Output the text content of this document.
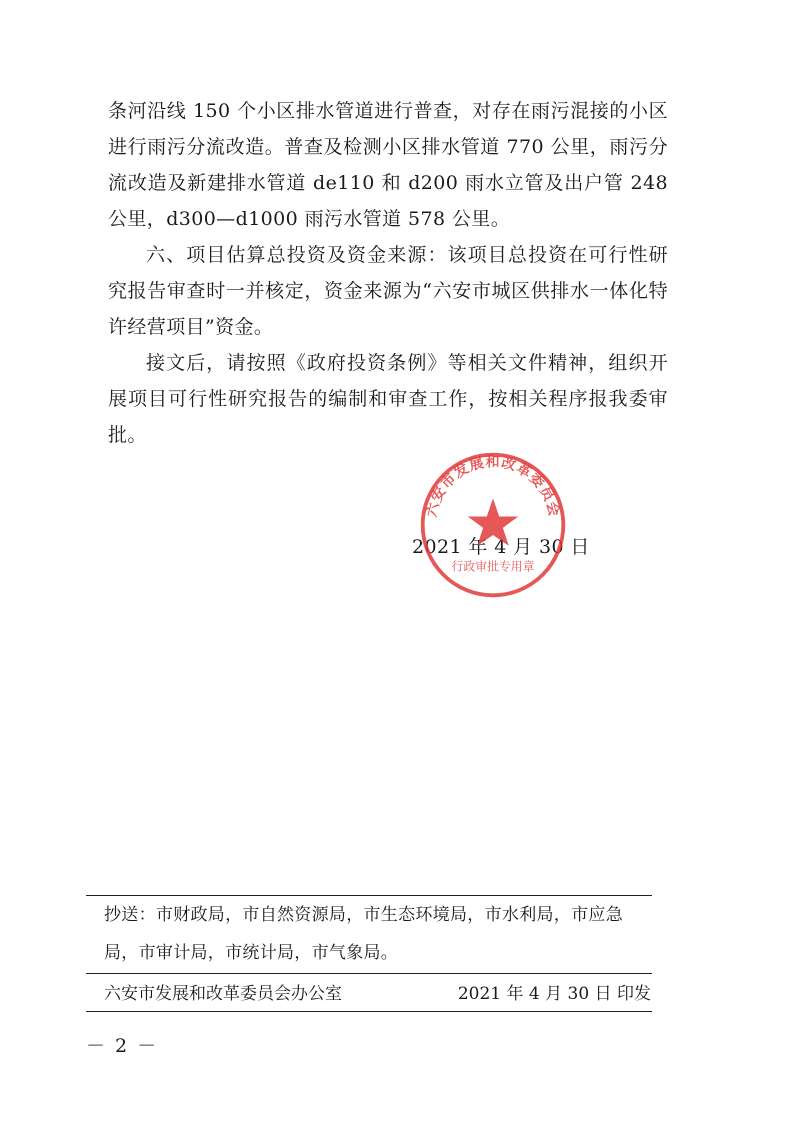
条河沿线 150 个小区排水管道进行普查，对存在雨污混接的小区进行雨污分流改造。普查及检测小区排水管道 770 公里，雨污分流改造及新建排水管道 de110 和 d200 雨水立管及出户管 248 公里，d300—d1000 雨污水管道 578 公里。

六、项目估算总投资及资金来源：该项目总投资在可行性研究报告审查时一并核定，资金来源为“六安市城区供排水一体化特许经营项目”资金。

接文后，请按照《政府投资条例》等相关文件精神，组织开展项目可行性研究报告的编制和审查工作，按相关程序报我委审批。

2021 年 4 月 30 日
六安市发展和改革委员会
行政审批专用章
抄送：市财政局，市自然资源局，市生态环境局，市水利局，市应急局，市审计局，市统计局，市气象局。
六安市发展和改革委员会办公室	2021 年 4 月 30 日 印发
－ 2 －
